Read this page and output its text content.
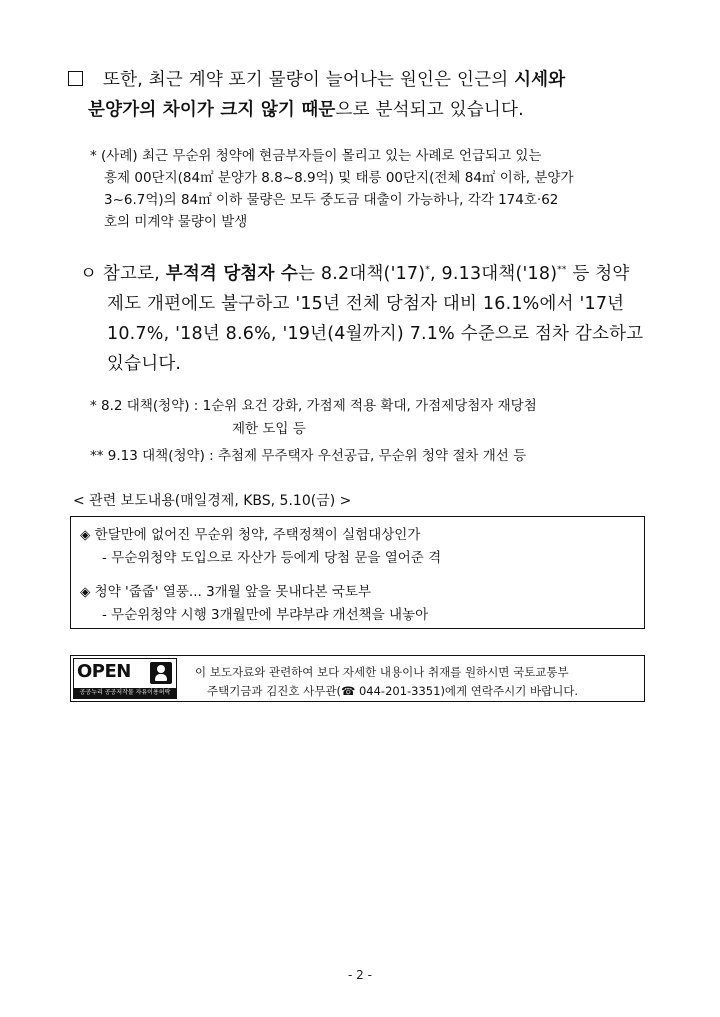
또한, 최근 계약 포기 물량이 늘어나는 원인은 인근의 시세와
분양가의 차이가 크지 않기 때문으로 분석되고 있습니다.
* (사례) 최근 무순위 청약에 현금부자들이 몰리고 있는 사례로 언급되고 있는
흥제 00단지(84㎡ 분양가 8.8~8.9억) 및 태릉 00단지(전체 84㎡ 이하, 분양가
3~6.7억)의 84㎡ 이하 물량은 모두 중도금 대출이 가능하나, 각각 174호·62
호의 미계약 물량이 발생
ㅇ 참고로, 부적격 당첨자 수는 8.2대책('17)*, 9.13대책('18)** 등 청약
제도 개편에도 불구하고 '15년 전체 당첨자 대비 16.1%에서 '17년
10.7%, '18년 8.6%, '19년(4월까지) 7.1% 수준으로 점차 감소하고
있습니다.
* 8.2 대책(청약) : 1순위 요건 강화, 가점제 적용 확대, 가점제당첨자 재당첨
제한 도입 등
** 9.13 대책(청약) : 추첨제 무주택자 우선공급, 무순위 청약 절차 개선 등
< 관련 보도내용(매일경제, KBS, 5.10(금) >
◈ 한달만에 없어진 무순위 청약, 주택정책이 실험대상인가
- 무순위청약 도입으로 자산가 등에게 당첨 문을 열어준 격
◈ 청약 '줍줍' 열풍... 3개월 앞을 못내다본 국토부
- 무순위청약 시행 3개월만에 부랴부랴 개선책을 내놓아
OPEN
공공누리 공공저작물 자유이용허락
이 보도자료와 관련하여 보다 자세한 내용이나 취재를 원하시면 국토교통부
주택기금과 김진호 사무관(☎ 044-201-3351)에게 연락주시기 바랍니다.
- 2 -
